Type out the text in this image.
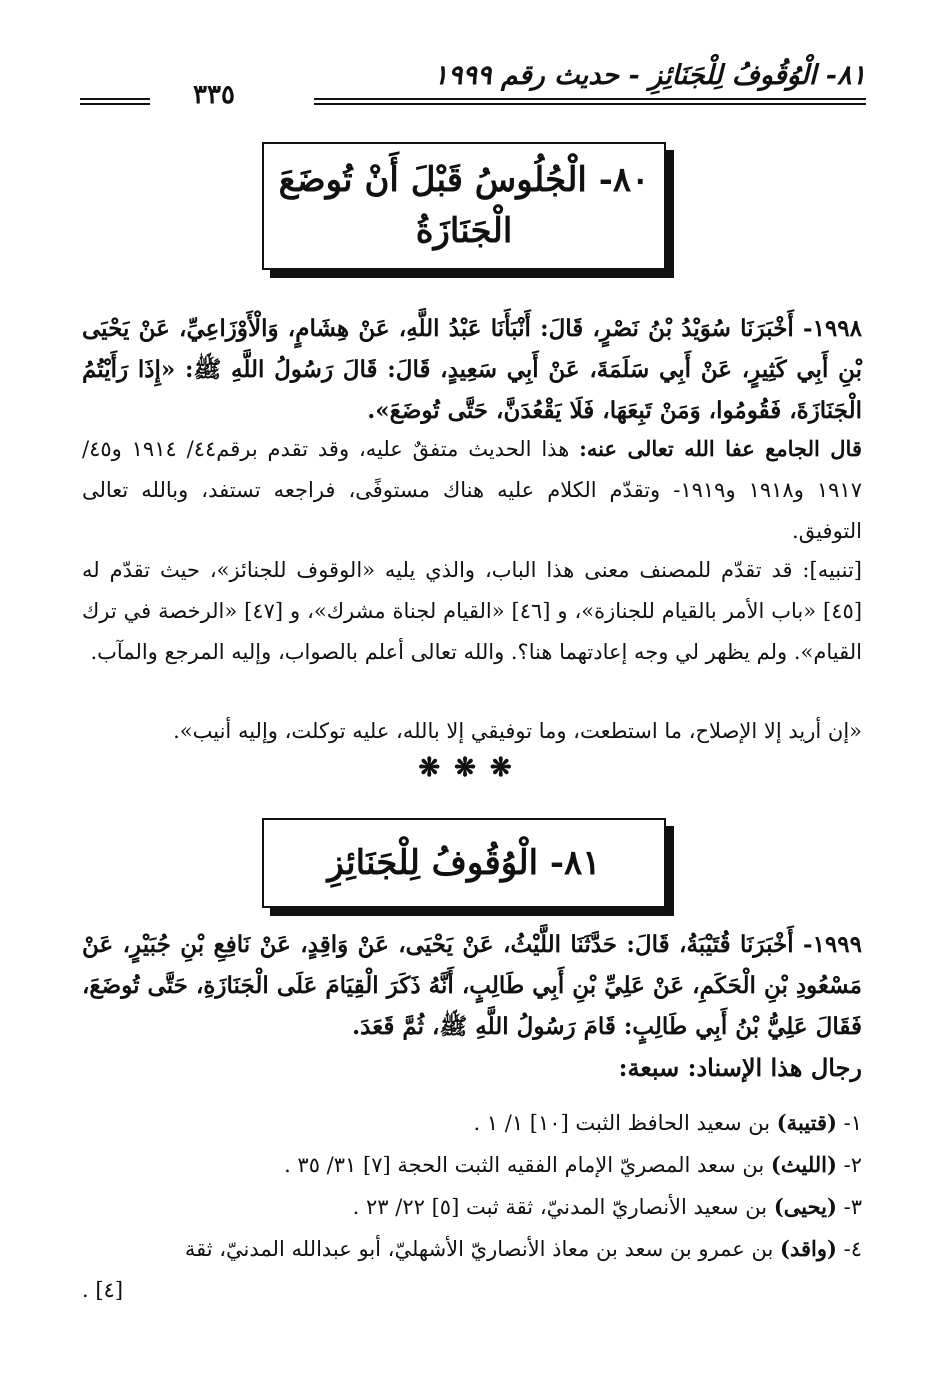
٨١- الْوُقُوفُ لِلْجَنَائِزِ - حديث رقم ١٩٩٩
٣٣٥
٨٠- الْجُلُوسُ قَبْلَ أَنْ تُوضَعَ
الْجَنَازَةُ

١٩٩٨- أَخْبَرَنَا سُوَيْدُ بْنُ نَصْرٍ، قَالَ: أَنْبَأَنَا عَبْدُ اللَّهِ، عَنْ هِشَامٍ، وَالْأَوْزَاعِيِّ، عَنْ يَحْيَى بْنِ أَبِي كَثِيرٍ، عَنْ أَبِي سَلَمَةَ، عَنْ أَبِي سَعِيدٍ، قَالَ: قَالَ رَسُولُ اللَّهِ ﷺ: «إِذَا رَأَيْتُمُ الْجَنَازَةَ، فَقُومُوا، وَمَنْ تَبِعَهَا، فَلَا يَقْعُدَنَّ، حَتَّى تُوضَعَ».

قال الجامع عفا الله تعالى عنه: هذا الحديث متفقٌ عليه، وقد تقدم برقم٤٤/ ١٩١٤ و٤٥/ ١٩١٧ و١٩١٨ و١٩١٩- وتقدّم الكلام عليه هناك مستوفًى، فراجعه تستفد، وبالله تعالى التوفيق.

[تنبيه]: قد تقدّم للمصنف معنى هذا الباب، والذي يليه «الوقوف للجنائز»، حيث تقدّم له [٤٥] «باب الأمر بالقيام للجنازة»، و [٤٦] «القيام لجناة مشرك»، و [٤٧] «الرخصة في ترك القيام». ولم يظهر لي وجه إعادتهما هنا؟. والله تعالى أعلم بالصواب، وإليه المرجع والمآب.

«إن أريد إلا الإصلاح، ما استطعت، وما توفيقي إلا بالله، عليه توكلت، وإليه أنيب».

❋❋❋
٨١- الْوُقُوفُ لِلْجَنَائِزِ

١٩٩٩- أَخْبَرَنَا قُتَيْبَةُ، قَالَ: حَدَّثَنَا اللَّيْثُ، عَنْ يَحْيَى، عَنْ وَاقِدٍ، عَنْ نَافِعِ بْنِ جُبَيْرٍ، عَنْ مَسْعُودِ بْنِ الْحَكَمِ، عَنْ عَلِيِّ بْنِ أَبِي طَالِبٍ، أَنَّهُ ذَكَرَ الْقِيَامَ عَلَى الْجَنَازَةِ، حَتَّى تُوضَعَ، فَقَالَ عَلِيُّ بْنُ أَبِي طَالِبٍ: قَامَ رَسُولُ اللَّهِ ﷺ، ثُمَّ قَعَدَ.

رجال هذا الإسناد: سبعة:
١- (قتيبة) بن سعيد الحافظ الثبت [١٠] ١/ ١ .
٢- (الليث) بن سعد المصريّ الإمام الفقيه الثبت الحجة [٧] ٣١/ ٣٥ .
٣- (يحيى) بن سعيد الأنصاريّ المدنيّ، ثقة ثبت [٥] ٢٢/ ٢٣ .
٤- (واقد) بن عمرو بن سعد بن معاذ الأنصاريّ الأشهليّ، أبو عبدالله المدنيّ، ثقة
[٤] .
